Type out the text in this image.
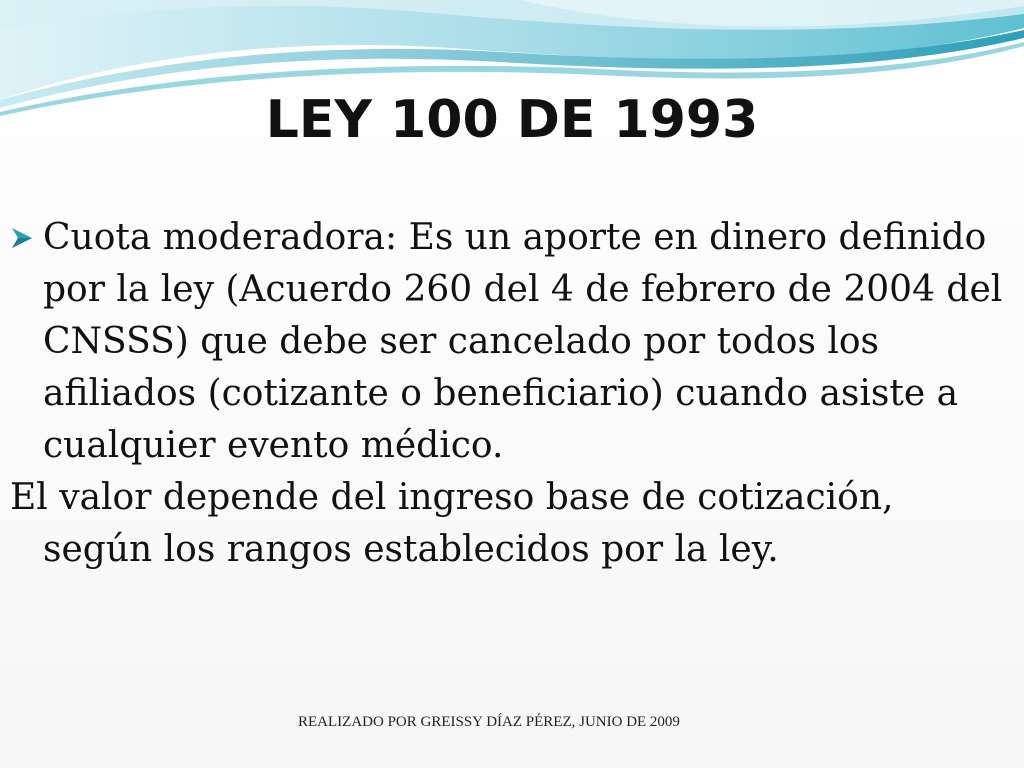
LEY 100 DE 1993

Cuota moderadora: Es un aporte en dinero definido por la ley (Acuerdo 260 del 4 de febrero de 2004 del CNSSS) que debe ser cancelado por todos los afiliados (cotizante o beneficiario) cuando asiste a cualquier evento médico.

El valor depende del ingreso base de cotización, según los rangos establecidos por la ley.

REALIZADO POR GREISSY DÍAZ PÉREZ, JUNIO DE 2009
